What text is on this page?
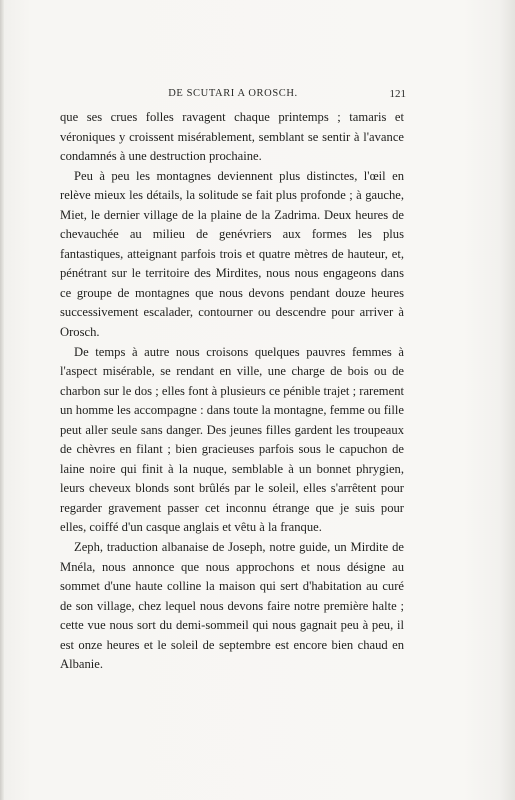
DE SCUTARI A OROSCH.	121

que ses crues folles ravagent chaque printemps ; tamaris et véroniques y croissent misérablement, semblant se sentir à l'avance condamnés à une destruction prochaine.

Peu à peu les montagnes deviennent plus distinctes, l'œil en relève mieux les détails, la solitude se fait plus profonde ; à gauche, Miet, le dernier village de la plaine de la Zadrima. Deux heures de chevauchée au milieu de genévriers aux formes les plus fantastiques, atteignant parfois trois et quatre mètres de hauteur, et, pénétrant sur le territoire des Mirdites, nous nous engageons dans ce groupe de montagnes que nous devons pendant douze heures successivement escalader, contourner ou descendre pour arriver à Orosch.

De temps à autre nous croisons quelques pauvres femmes à l'aspect misérable, se rendant en ville, une charge de bois ou de charbon sur le dos ; elles font à plusieurs ce pénible trajet ; rarement un homme les accompagne : dans toute la montagne, femme ou fille peut aller seule sans danger. Des jeunes filles gardent les troupeaux de chèvres en filant ; bien gracieuses parfois sous le capuchon de laine noire qui finit à la nuque, semblable à un bonnet phrygien, leurs cheveux blonds sont brûlés par le soleil, elles s'arrêtent pour regarder gravement passer cet inconnu étrange que je suis pour elles, coiffé d'un casque anglais et vêtu à la franque.

Zeph, traduction albanaise de Joseph, notre guide, un Mirdite de Mnéla, nous annonce que nous approchons et nous désigne au sommet d'une haute colline la maison qui sert d'habitation au curé de son village, chez lequel nous devons faire notre première halte ; cette vue nous sort du demi-sommeil qui nous gagnait peu à peu, il est onze heures et le soleil de septembre est encore bien chaud en Albanie.
